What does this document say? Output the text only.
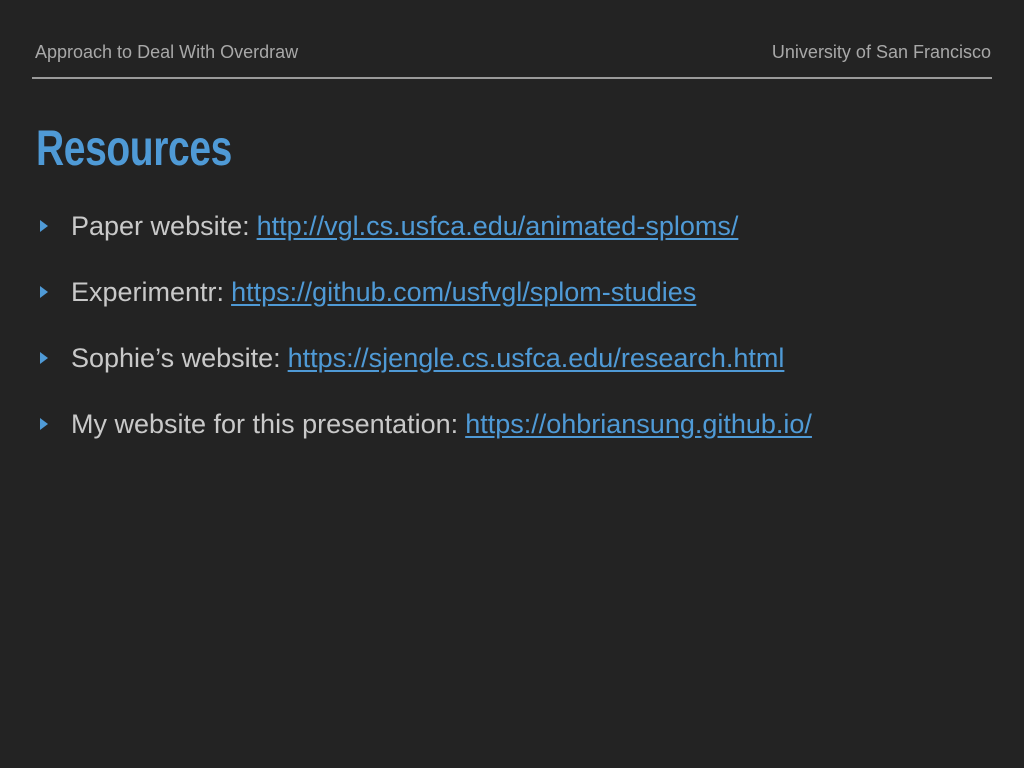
Approach to Deal With Overdraw	University of San Francisco
Resources
Paper website: http://vgl.cs.usfca.edu/animated-sploms/
Experimentr: https://github.com/usfvgl/splom-studies
Sophie’s website: https://sjengle.cs.usfca.edu/research.html
My website for this presentation: https://ohbriansung.github.io/
